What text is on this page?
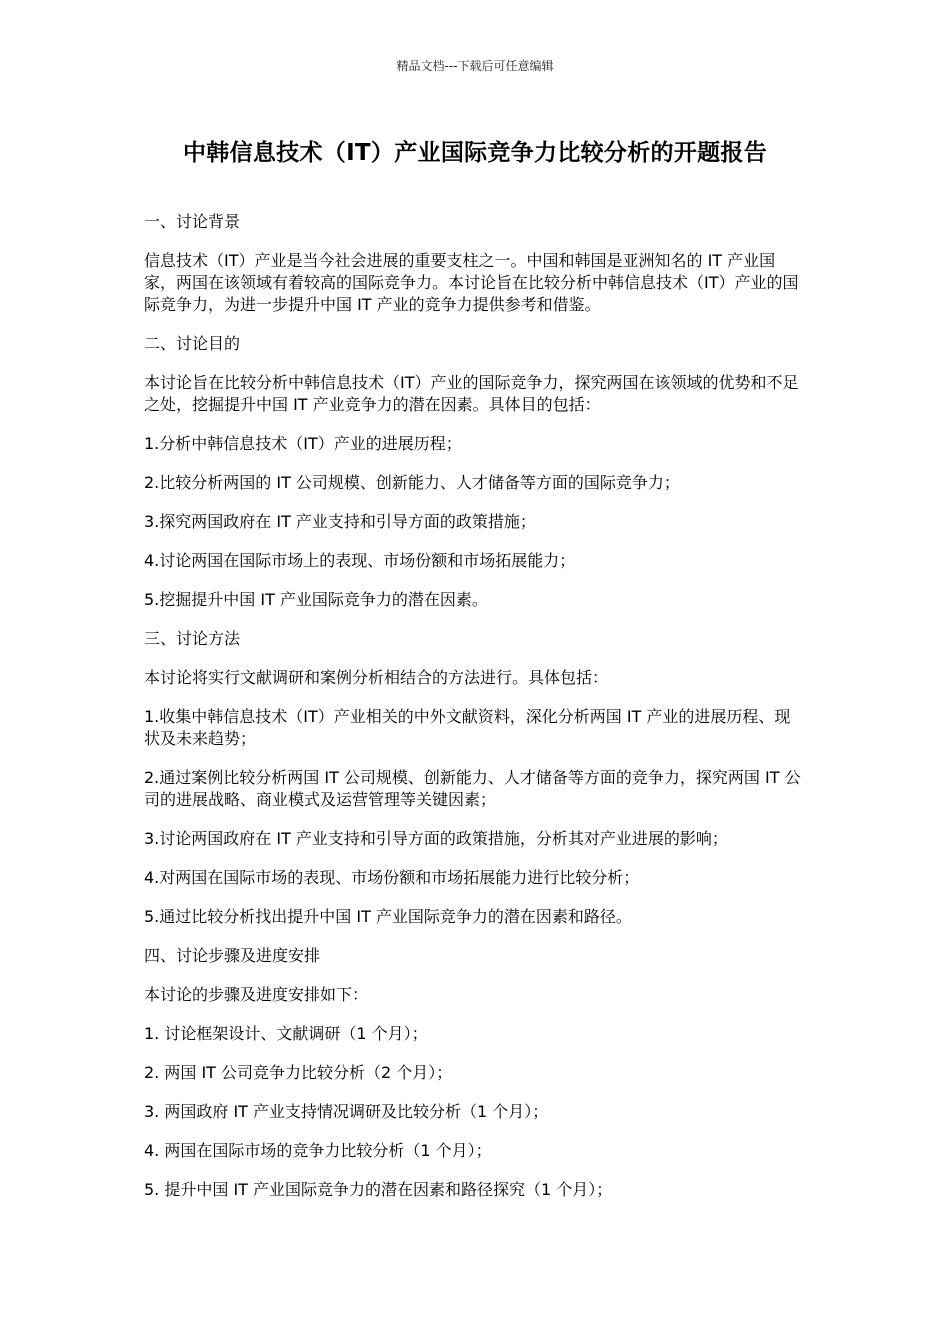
精品文档---下载后可任意编辑
中韩信息技术（IT）产业国际竞争力比较分析的开题报告

一、讨论背景

信息技术（IT）产业是当今社会进展的重要支柱之一。中国和韩国是亚洲知名的 IT 产业国家，两国在该领域有着较高的国际竞争力。本讨论旨在比较分析中韩信息技术（IT）产业的国际竞争力，为进一步提升中国 IT 产业的竞争力提供参考和借鉴。

二、讨论目的

本讨论旨在比较分析中韩信息技术（IT）产业的国际竞争力，探究两国在该领域的优势和不足之处，挖掘提升中国 IT 产业竞争力的潜在因素。具体目的包括：

1.分析中韩信息技术（IT）产业的进展历程；

2.比较分析两国的 IT 公司规模、创新能力、人才储备等方面的国际竞争力；

3.探究两国政府在 IT 产业支持和引导方面的政策措施；

4.讨论两国在国际市场上的表现、市场份额和市场拓展能力；

5.挖掘提升中国 IT 产业国际竞争力的潜在因素。

三、讨论方法

本讨论将实行文献调研和案例分析相结合的方法进行。具体包括：

1.收集中韩信息技术（IT）产业相关的中外文献资料，深化分析两国 IT 产业的进展历程、现状及未来趋势；

2.通过案例比较分析两国 IT 公司规模、创新能力、人才储备等方面的竞争力，探究两国 IT 公司的进展战略、商业模式及运营管理等关键因素；

3.讨论两国政府在 IT 产业支持和引导方面的政策措施，分析其对产业进展的影响；

4.对两国在国际市场的表现、市场份额和市场拓展能力进行比较分析；

5.通过比较分析找出提升中国 IT 产业国际竞争力的潜在因素和路径。

四、讨论步骤及进度安排

本讨论的步骤及进度安排如下：

1. 讨论框架设计、文献调研（1 个月）；

2. 两国 IT 公司竞争力比较分析（2 个月）；

3. 两国政府 IT 产业支持情况调研及比较分析（1 个月）；

4. 两国在国际市场的竞争力比较分析（1 个月）；

5. 提升中国 IT 产业国际竞争力的潜在因素和路径探究（1 个月）；
